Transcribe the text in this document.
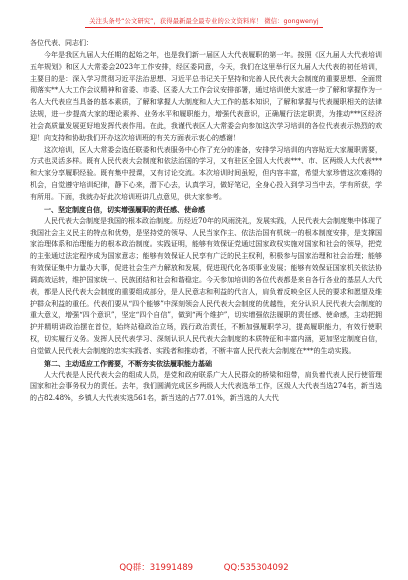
关注头条号“公文研究”，获得最新最全最专业的公文资料库！ 微信：gongwenyj

各位代表、同志们：

今年是我区九届人大任期的起始之年，也是我们新一届区人大代表履职的第一年。按照《区九届人大代表培训五年规划》和区人大常委会2023年工作安排，经区委同意，今天，我们在这里举行区九届人大代表的初任培训，主要目的是：深入学习贯彻习近平法治思想、习近平总书记关于坚持和完善人民代表大会制度的重要思想、全面贯彻落实**人大工作会议精神和省委、市委、区委人大工作会议安排部署，通过培训使大家进一步了解和掌握作为一名人大代表应当具备的基本素质，了解和掌握人大制度和人大工作的基本知识，了解和掌握与代表履职相关的法律法规，进一步提高大家的理论素养、业务水平和履职能力，增强代表意识，正确履行法定职责，为推动***区经济社会高质量发展更好地发挥代表作用。在此，我谨代表区人大常委会向参加这次学习培训的各位代表表示热烈的欢迎！向支持和协助我们开办这次培训班的有关方面表示衷心的感谢！

这次培训，区人大常委会选任联委和代表服务中心作了充分的准备，安排学习培训的内容贴近大家履职需要，方式也灵活多样。既有人民代表大会制度和依法治国的学习，又有驻区全国人大代表***、市、区两级人大代表***和大家分享履职经验。既有集中授课，又有讨论交流。本次培训时间虽短，但内容丰富，希望大家珍惜这次难得的机会，自觉遵守培训纪律，静下心来，潜下心去，认真学习，做好笔记，全身心投入到学习当中去，学有所获，学有所用。下面，我就办好此次培训班讲几点意见，供大家参考。

一、坚定制度自信，切实增强履职的责任感、使命感

人民代表大会制度是我国的根本政治制度。历经近70年的风雨洗礼，发展实践，人民代表大会制度集中体现了我国社会主义民主的特点和优势，是坚持党的领导、人民当家作主、依法治国有机统一的根本制度安排，是支撑国家治理体系和治理能力的根本政治制度。实践证明，能够有效保证党通过国家政权实施对国家和社会的领导，把党的主张通过法定程序成为国家意志；能够有效保证人民享有广泛的民主权利，积极参与国家治理和社会治理；能够有效保证集中力量办大事，促进社会生产力解放和发展，促进现代化各项事业发展；能够有效保证国家机关依法协调高效运转，维护国家统一、民族团结和社会和谐稳定。今天参加培训的各位代表都是来自各行各业的基层人大代表，都是人民代表大会制度的重要组成部分，是人民意志和利益的代言人，肩负着反映全区人民的要求和愿望及维护群众利益的重任。代表们要从“四个能够”中深刻领会人民代表大会制度的优越性，充分认识人民代表大会制度的重大意义，增强“四个意识”，坚定“四个自信”，做到“两个维护”，切实增强依法履职的责任感、使命感，主动把拥护并精明讲政治摆在首位，始终站稳政治立场，践行政治责任，不断加强履职学习，提高履职能力，有效行使职权，切实履行义务。发挥人民代表学习、深刻认识人民代表大会制度的本质特征和丰富内涵，更加坚定制度自信，自觉做人民代表大会制度的忠实实践者、实践者和推动者，不断丰富人民代表大会制度在***的生动实践。

第二、主动适应工作需要，不断夯实依法履职能力基础

人大代表是人民代表大会的组成人员，是党和政府联系广大人民群众的桥梁和纽带，肩负着代表人民行使管理国家和社会事务权力的责任。去年，我们圆满完成区乡两级人大代表选举工作，区级人大代表当选274名，新当选的占82.48%，乡镇人大代表实选561名，新当选的占77.01%，新当选的人大代

QQ群：31991489	QQ:535304092
